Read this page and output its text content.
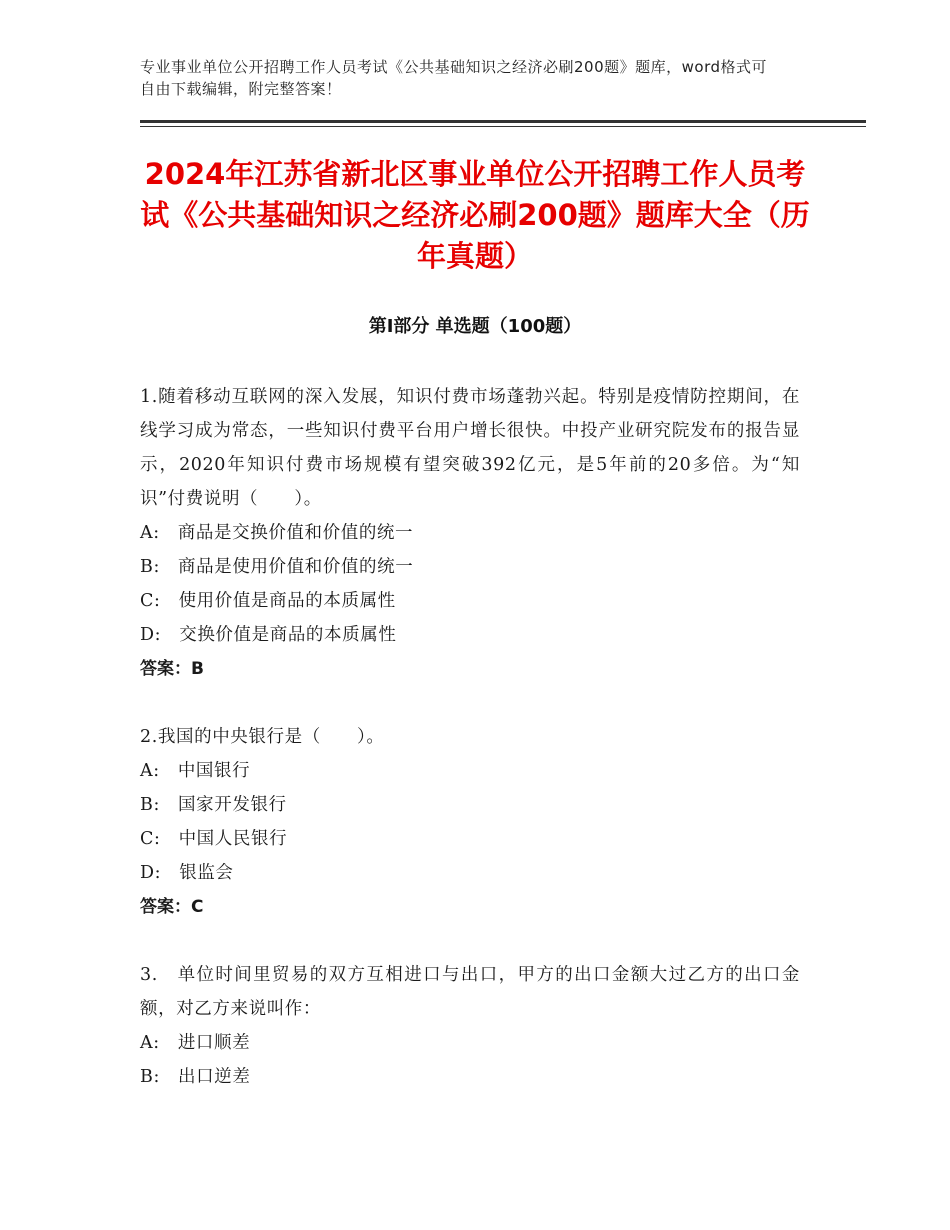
专业事业单位公开招聘工作人员考试《公共基础知识之经济必刷200题》题库，word格式可自由下载编辑，附完整答案！
2024年江苏省新北区事业单位公开招聘工作人员考试《公共基础知识之经济必刷200题》题库大全（历年真题）
第Ⅰ部分 单选题（100题）
1.随着移动互联网的深入发展，知识付费市场蓬勃兴起。特别是疫情防控期间，在线学习成为常态，一些知识付费平台用户增长很快。中投产业研究院发布的报告显示，2020年知识付费市场规模有望突破392亿元，是5年前的20多倍。为“知识”付费说明（　　）。
A:　商品是交换价值和价值的统一
B:　商品是使用价值和价值的统一
C:　使用价值是商品的本质属性
D:　交换价值是商品的本质属性
答案：B
2.我国的中央银行是（　　）。
A:　中国银行
B:　国家开发银行
C:　中国人民银行
D:　银监会
答案：C
3.　单位时间里贸易的双方互相进口与出口，甲方的出口金额大过乙方的出口金额，对乙方来说叫作：
A:　进口顺差
B:　出口逆差
